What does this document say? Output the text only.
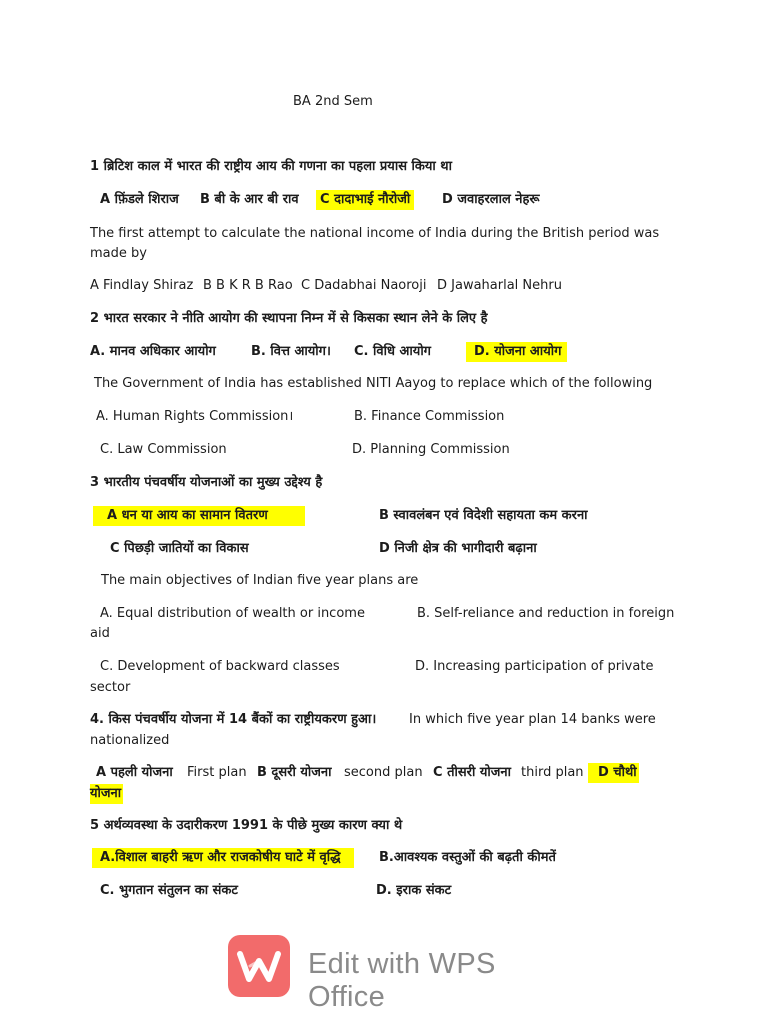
BA 2nd Sem
1 ब्रिटिश काल में भारत की राष्ट्रीय आय की गणना का पहला प्रयास किया था
A फ़िंडले शिराज B बी के आर बी राव	C दादाभाई नौरोजी	D जवाहरलाल नेहरू
The first attempt to calculate the national income of India during the British period was made by
A Findlay Shiraz B B K R B Rao C Dadabhai Naoroji D Jawaharlal Nehru
2 भारत सरकार ने नीति आयोग की स्थापना निम्न में से किसका स्थान लेने के लिए है
A. मानव अधिकार आयोग	B. वित्त आयोग। C. विधि आयोग	D. योजना आयोग
The Government of India has established NITI Aayog to replace which of the following
A. Human Rights Commission।	B. Finance Commission
C. Law Commission	D. Planning Commission
3 भारतीय पंचवर्षीय योजनाओं का मुख्य उद्देश्य है
A धन या आय का सामान वितरण	B स्वावलंबन एवं विदेशी सहायता कम करना
C पिछड़ी जातियों का विकास	D निजी क्षेत्र की भागीदारी बढ़ाना
The main objectives of Indian five year plans are
A. Equal distribution of wealth or income	B. Self-reliance and reduction in foreign
aid
C. Development of backward classes	D. Increasing participation of private
sector
4. किस पंचवर्षीय योजना में 14 बैंकों का राष्ट्रीयकरण हुआ।	In which five year plan 14 banks were
nationalized
A पहली योजना First plan B दूसरी योजना second plan C तीसरी योजना third plan	D चौथी
योजना
5 अर्थव्यवस्था के उदारीकरण 1991 के पीछे मुख्य कारण क्या थे
A.विशाल बाहरी ऋण और राजकोषीय घाटे में वृद्धि	B.आवश्यक वस्तुओं की बढ़ती कीमतें
C. भुगतान संतुलन का संकट	D. इराक संकट
Edit with WPS Office
